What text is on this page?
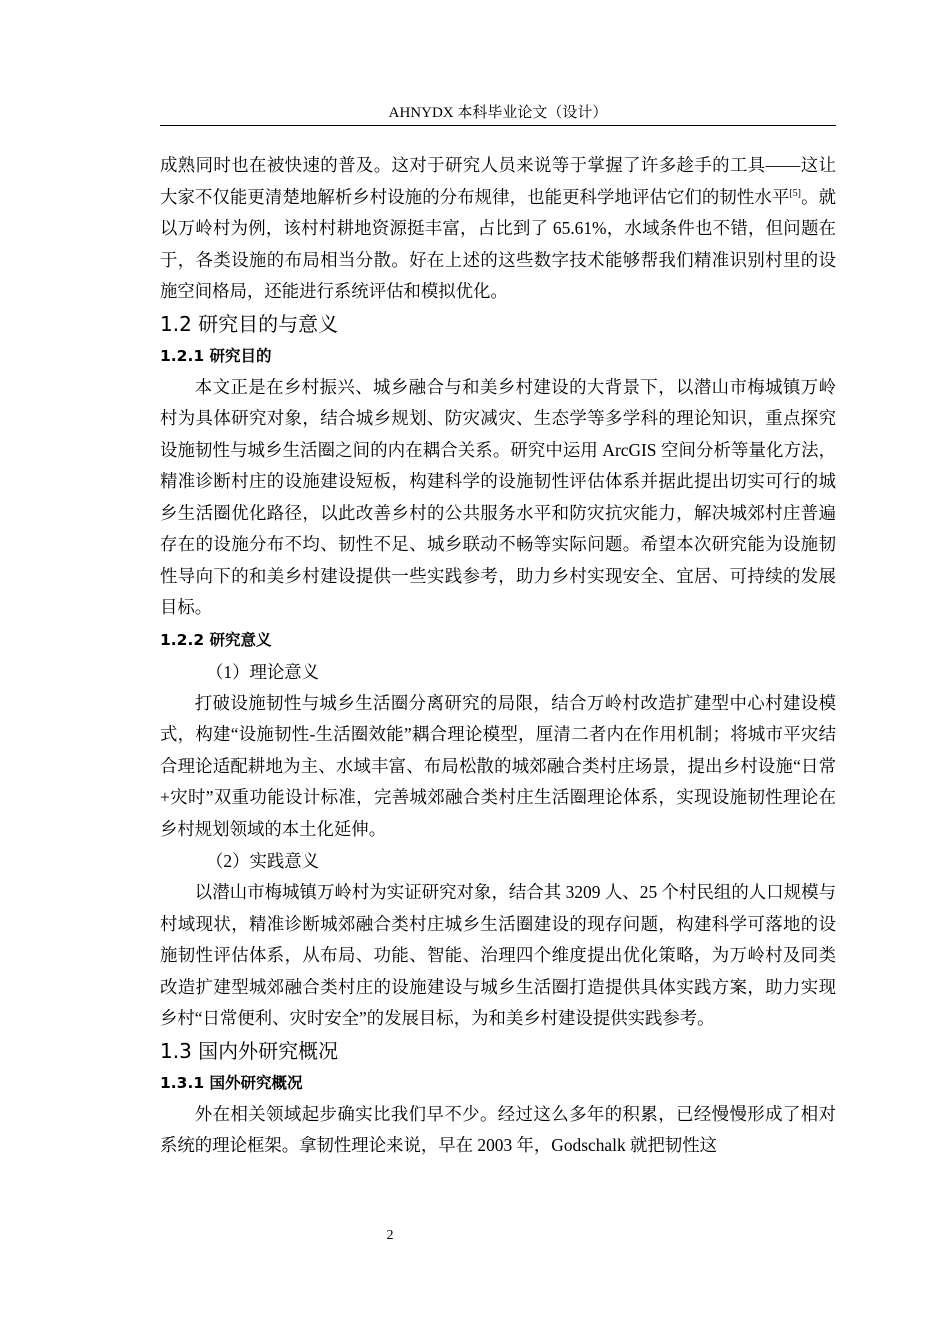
AHNYDX 本科毕业论文（设计）

成熟同时也在被快速的普及。这对于研究人员来说等于掌握了许多趁手的工具——这让大家不仅能更清楚地解析乡村设施的分布规律，也能更科学地评估它们的韧性水平[5]。就以万岭村为例，该村村耕地资源挺丰富，占比到了 65.61%，水域条件也不错，但问题在于，各类设施的布局相当分散。好在上述的这些数字技术能够帮我们精准识别村里的设施空间格局，还能进行系统评估和模拟优化。

1.2 研究目的与意义
1.2.1 研究目的

本文正是在乡村振兴、城乡融合与和美乡村建设的大背景下，以潜山市梅城镇万岭村为具体研究对象，结合城乡规划、防灾减灾、生态学等多学科的理论知识，重点探究设施韧性与城乡生活圈之间的内在耦合关系。研究中运用 ArcGIS 空间分析等量化方法，精准诊断村庄的设施建设短板，构建科学的设施韧性评估体系并据此提出切实可行的城乡生活圈优化路径，以此改善乡村的公共服务水平和防灾抗灾能力，解决城郊村庄普遍存在的设施分布不均、韧性不足、城乡联动不畅等实际问题。希望本次研究能为设施韧性导向下的和美乡村建设提供一些实践参考，助力乡村实现安全、宜居、可持续的发展目标。

1.2.2 研究意义
（1）理论意义

打破设施韧性与城乡生活圈分离研究的局限，结合万岭村改造扩建型中心村建设模式，构建“设施韧性-生活圈效能”耦合理论模型，厘清二者内在作用机制；将城市平灾结合理论适配耕地为主、水域丰富、布局松散的城郊融合类村庄场景，提出乡村设施“日常+灾时”双重功能设计标准，完善城郊融合类村庄生活圈理论体系，实现设施韧性理论在乡村规划领域的本土化延伸。

（2）实践意义

以潜山市梅城镇万岭村为实证研究对象，结合其 3209 人、25 个村民组的人口规模与村域现状，精准诊断城郊融合类村庄城乡生活圈建设的现存问题，构建科学可落地的设施韧性评估体系，从布局、功能、智能、治理四个维度提出优化策略，为万岭村及同类改造扩建型城郊融合类村庄的设施建设与城乡生活圈打造提供具体实践方案，助力实现乡村“日常便利、灾时安全”的发展目标，为和美乡村建设提供实践参考。

1.3 国内外研究概况
1.3.1 国外研究概况

外在相关领域起步确实比我们早不少。经过这么多年的积累，已经慢慢形成了相对系统的理论框架。拿韧性理论来说，早在 2003 年，Godschalk 就把韧性这

2
